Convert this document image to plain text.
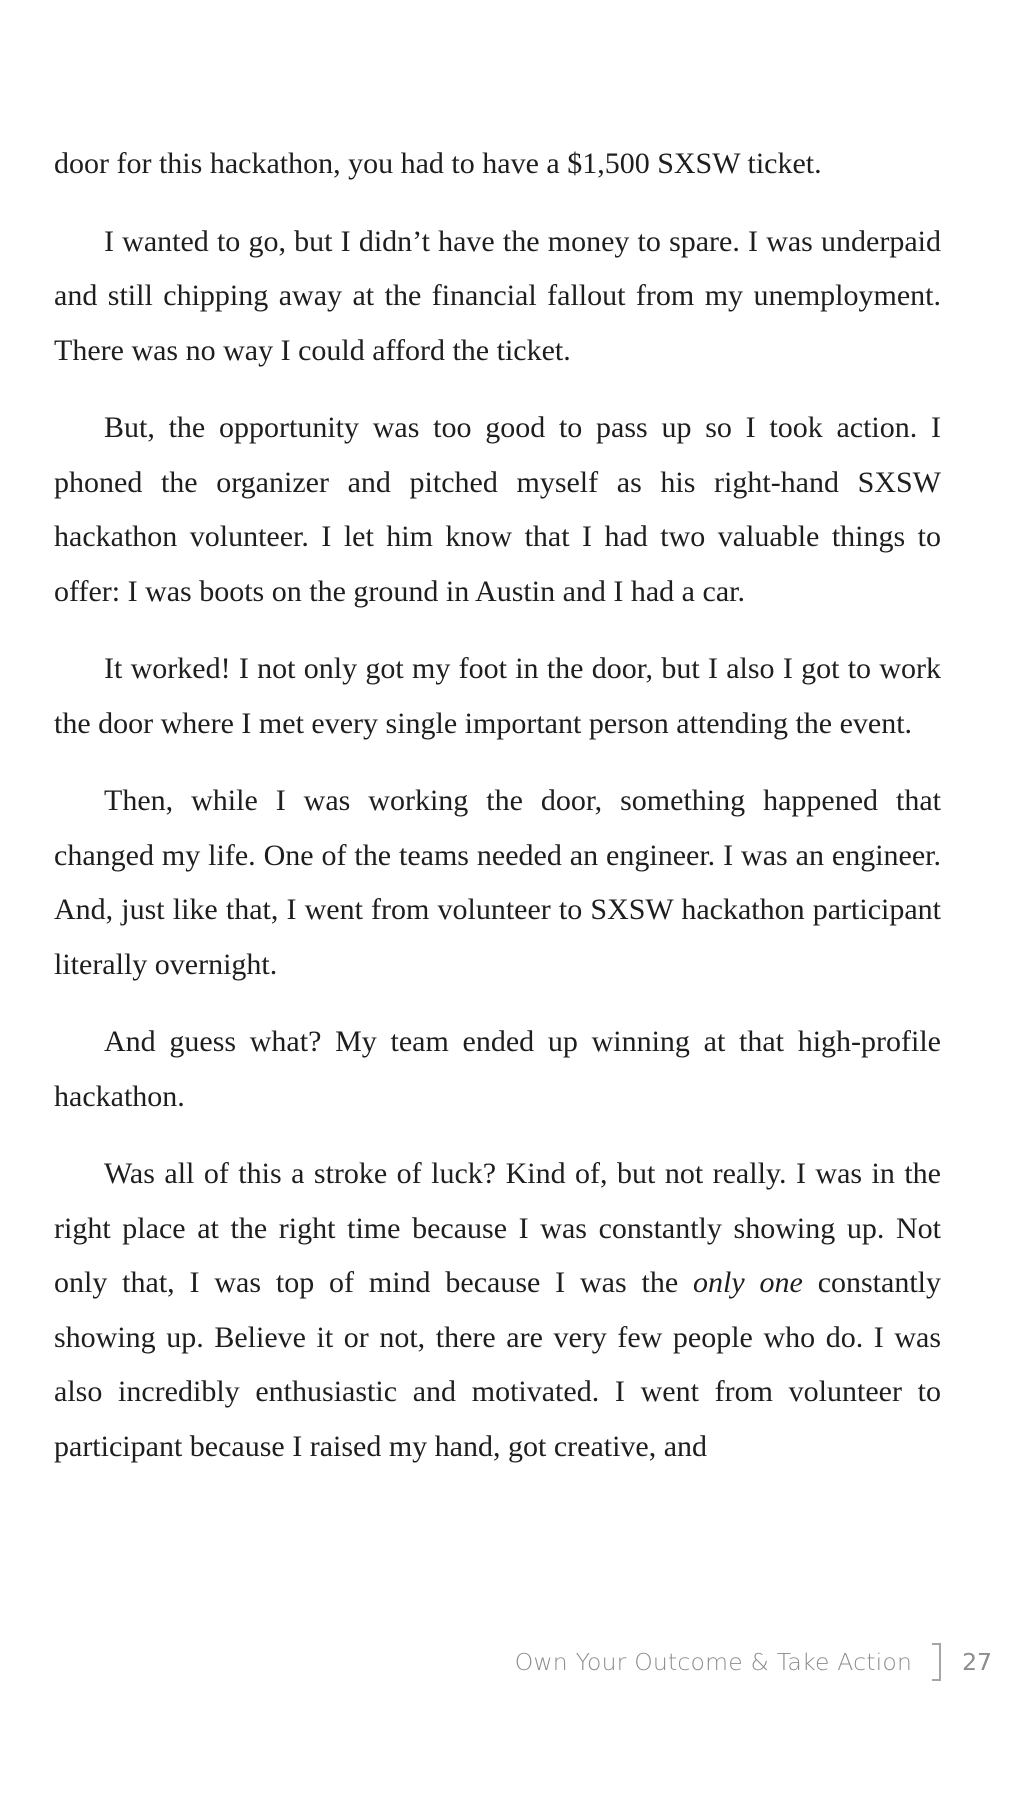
door for this hackathon, you had to have a $1,500 SXSW ticket.

I wanted to go, but I didn’t have the money to spare. I was underpaid and still chipping away at the financial fallout from my unemployment. There was no way I could afford the ticket.

But, the opportunity was too good to pass up so I took action. I phoned the organizer and pitched myself as his right-hand SXSW hackathon volunteer. I let him know that I had two valuable things to offer: I was boots on the ground in Austin and I had a car.

It worked! I not only got my foot in the door, but I also I got to work the door where I met every single important person attending the event.

Then, while I was working the door, something happened that changed my life. One of the teams needed an engineer. I was an engineer. And, just like that, I went from volunteer to SXSW hackathon participant literally overnight.

And guess what? My team ended up winning at that high-profile hackathon.

Was all of this a stroke of luck? Kind of, but not really. I was in the right place at the right time because I was constantly showing up. Not only that, I was top of mind because I was the only one constantly showing up. Believe it or not, there are very few people who do. I was also incredibly enthusiastic and motivated. I went from volunteer to participant because I raised my hand, got creative, and

Own Your Outcome & Take Action 27
